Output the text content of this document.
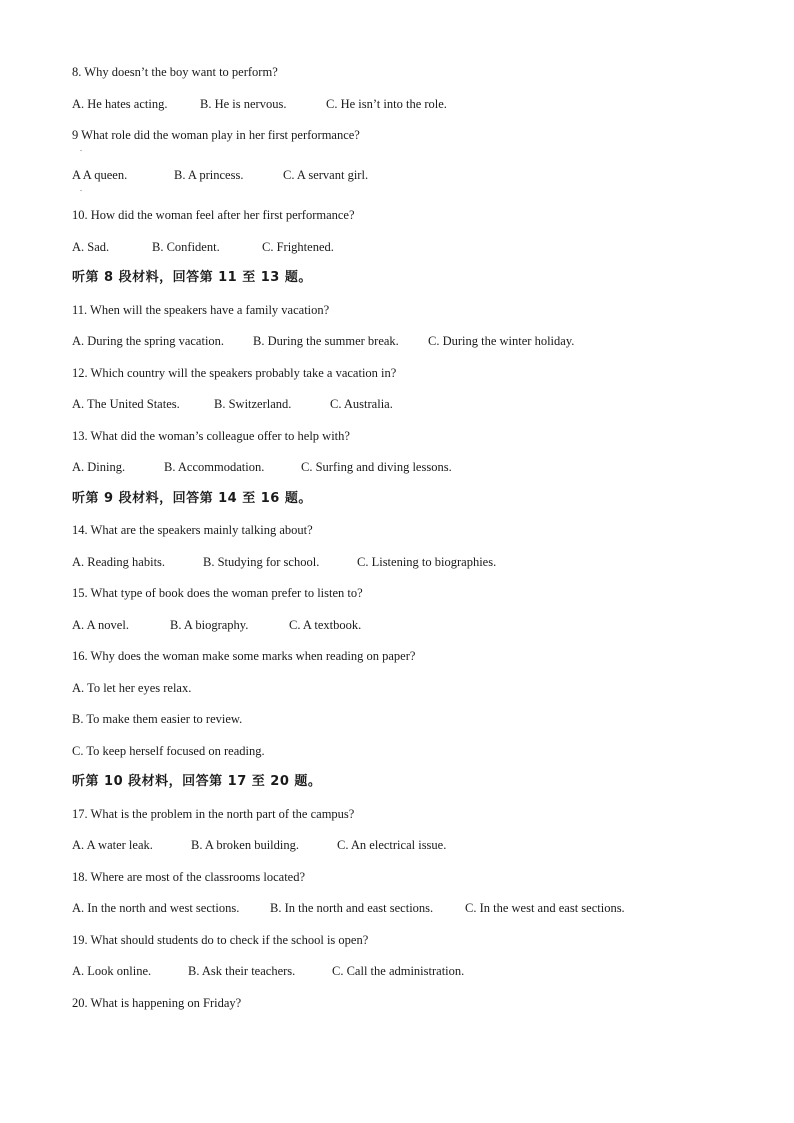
8. Why doesn’t the boy want to perform?
A. He hates acting.	B. He is nervous.	C. He isn’t into the role.
9 What role did the woman play in her first performance?
.
A A queen.	B. A princess.	C. A servant girl.
.
10. How did the woman feel after her first performance?
A. Sad.	B. Confident.	C. Frightened.
听第 8 段材料，回答第 11 至 13 题。
11. When will the speakers have a family vacation?
A. During the spring vacation. B. During the summer break. C. During the winter holiday.
12. Which country will the speakers probably take a vacation in?
A. The United States.	B. Switzerland.	C. Australia.
13. What did the woman’s colleague offer to help with?
A. Dining.	B. Accommodation.	C. Surfing and diving lessons.
听第 9 段材料，回答第 14 至 16 题。
14. What are the speakers mainly talking about?
A. Reading habits.	B. Studying for school.	C. Listening to biographies.
15. What type of book does the woman prefer to listen to?
A. A novel.	B. A biography.	C. A textbook.
16. Why does the woman make some marks when reading on paper?
A. To let her eyes relax.
B. To make them easier to review.
C. To keep herself focused on reading.
听第 10 段材料，回答第 17 至 20 题。
17. What is the problem in the north part of the campus?
A. A water leak.	B. A broken building.	C. An electrical issue.
18. Where are most of the classrooms located?
A. In the north and west sections. B. In the north and east sections.	C. In the west and east sections.
19. What should students do to check if the school is open?
A. Look online.	B. Ask their teachers.	C. Call the administration.
20. What is happening on Friday?
